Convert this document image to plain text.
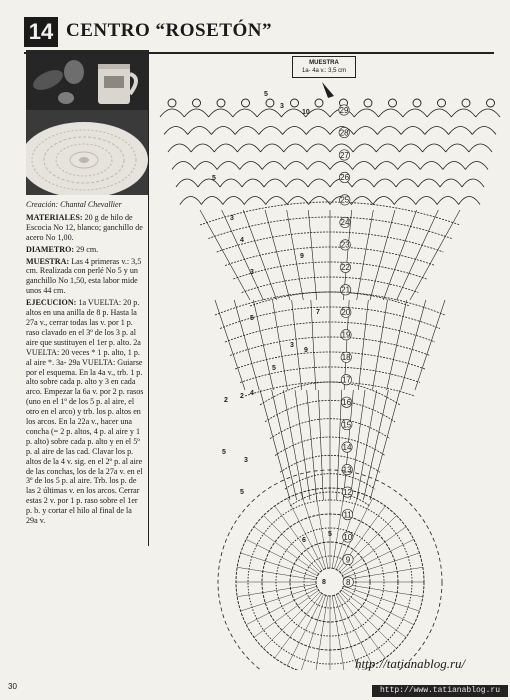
14 CENTRO “ROSETÓN”

Creación: Chantal Chevallier

MATERIALES: 20 g de hilo de Escocia No 12, blanco; ganchillo de acero No 1,00.

DIAMETRO: 29 cm.

MUESTRA: Las 4 primeras v.: 3,5 cm. Realizada con perlé No 5 y un ganchillo No 1,50, esta labor mide unos 44 cm.

EJECUCION: 1a VUELTA: 20 p. altos en una anilla de 8 p. Hasta la 27a v., cerrar todas las v. por 1 p. raso clavado en el 3º de los 3 p. al aire que sustituyen el 1er p. alto. 2a VUELTA: 20 veces * 1 p. alto, 1 p. al aire *. 3a- 29a VUELTA: Guiarse por el esquema. En la 4a v., trb. 1 p. alto sobre cada p. alto y 3 en cada arco. Empezar la 6a v. por 2 p. rasos (uno en el 1º de los 5 p. al aire, el otro en el arco) y trb. los p. altos en los arcos. En la 22a v., hacer una concha (= 2 p. altos, 4 p. al aire y 1 p. alto) sobre cada p. alto y en el 5º p. al aire de las cad. Clavar los p. altos de la 4 v. sig. en el 2º p. al aire de las conchas, los de la 27a v. en el 3º de los 5 p. al aire. Trb. los p. de las 2 últimas v. en los arcos. Cerrar estas 2 v. por 1 p. raso sobre el 1er p. b. y cortar el hilo al final de la 29a v.

MUESTRA
1a- 4a v.: 3,5 cm
29
28
27
26
25
24
23
22
21
20
19
18
17
16
15
14
13
12
11
10
9
8
5
3
10
5
3
4
3
9
7
5
3
9
5
4
2
5
3
2
8
5
6
5
30
http://tatianablog.ru/
http://www.tatianablog.ru
